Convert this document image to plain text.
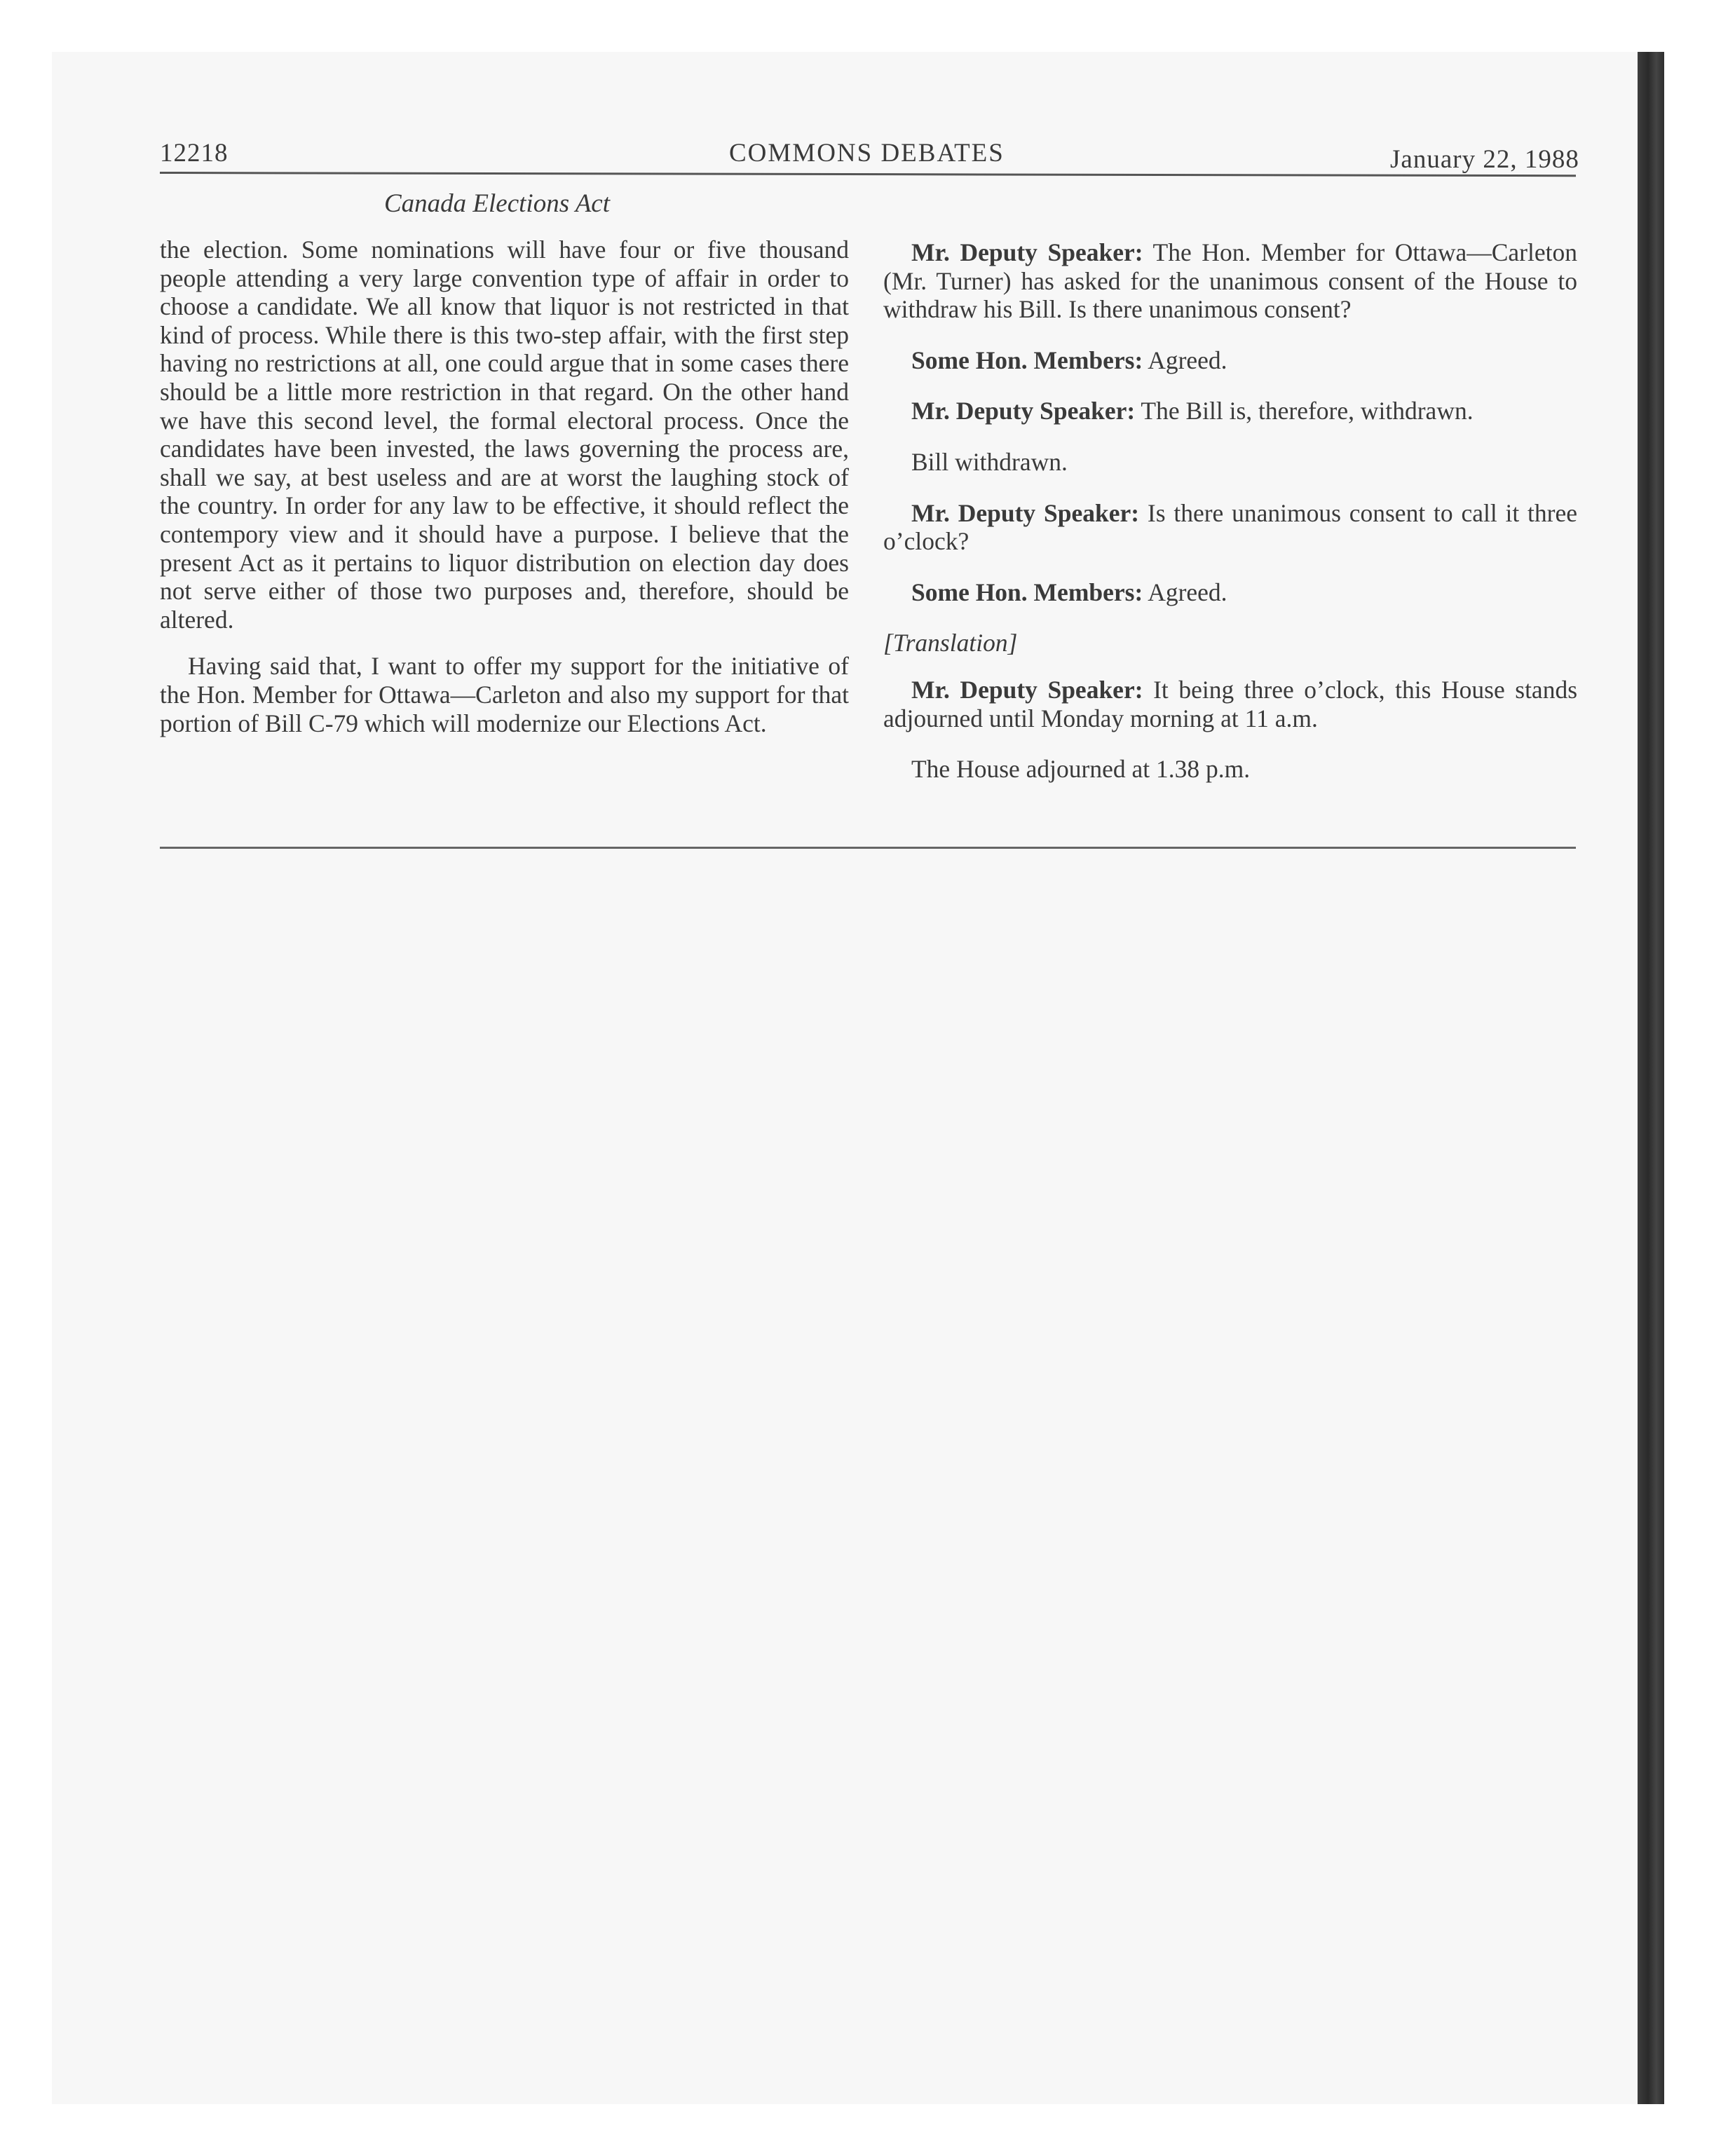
12218	COMMONS DEBATES	January 22, 1988
Canada Elections Act

the election. Some nominations will have four or five thousand people attending a very large convention type of affair in order to choose a candidate. We all know that liquor is not restricted in that kind of process. While there is this two-step affair, with the first step having no restrictions at all, one could argue that in some cases there should be a little more restriction in that regard. On the other hand we have this second level, the formal electoral process. Once the candidates have been invested, the laws governing the process are, shall we say, at best useless and are at worst the laughing stock of the country. In order for any law to be effective, it should reflect the contempory view and it should have a purpose. I believe that the present Act as it pertains to liquor distribution on election day does not serve either of those two purposes and, therefore, should be altered.

Having said that, I want to offer my support for the initiative of the Hon. Member for Ottawa—Carleton and also my support for that portion of Bill C-79 which will modernize our Elections Act.

Mr. Deputy Speaker: The Hon. Member for Ottawa—Carleton (Mr. Turner) has asked for the unanimous consent of the House to withdraw his Bill. Is there unanimous consent?

Some Hon. Members: Agreed.

Mr. Deputy Speaker: The Bill is, therefore, withdrawn.

Bill withdrawn.

Mr. Deputy Speaker: Is there unanimous consent to call it three o’clock?

Some Hon. Members: Agreed.

[Translation]

Mr. Deputy Speaker: It being three o’clock, this House stands adjourned until Monday morning at 11 a.m.

The House adjourned at 1.38 p.m.
